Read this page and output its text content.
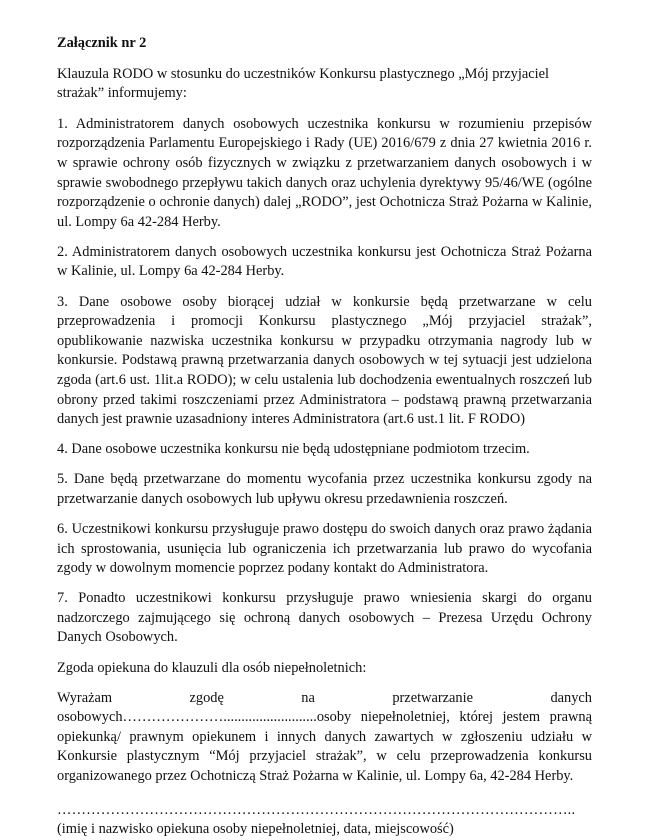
Załącznik nr 2

Klauzula RODO w stosunku do uczestników Konkursu plastycznego „Mój przyjaciel strażak” informujemy:

1. Administratorem danych osobowych uczestnika konkursu w rozumieniu przepisów rozporządzenia Parlamentu Europejskiego i Rady (UE) 2016/679 z dnia 27 kwietnia 2016 r. w sprawie ochrony osób fizycznych w związku z przetwarzaniem danych osobowych i w sprawie swobodnego przepływu takich danych oraz uchylenia dyrektywy 95/46/WE (ogólne rozporządzenie o ochronie danych) dalej „RODO”, jest Ochotnicza Straż Pożarna w Kalinie, ul. Lompy 6a 42-284 Herby.

2. Administratorem danych osobowych uczestnika konkursu jest Ochotnicza Straż Pożarna w Kalinie, ul. Lompy 6a 42-284 Herby.

3. Dane osobowe osoby biorącej udział w konkursie będą przetwarzane w celu przeprowadzenia i promocji Konkursu plastycznego „Mój przyjaciel strażak”, opublikowanie nazwiska uczestnika konkursu w przypadku otrzymania nagrody lub w konkursie. Podstawą prawną przetwarzania danych osobowych w tej sytuacji jest udzielona zgoda (art.6 ust. 1lit.a RODO); w celu ustalenia lub dochodzenia ewentualnych roszczeń lub obrony przed takimi roszczeniami przez Administratora – podstawą prawną przetwarzania danych jest prawnie uzasadniony interes Administratora (art.6 ust.1 lit. F RODO)

4. Dane osobowe uczestnika konkursu nie będą udostępniane podmiotom trzecim.

5. Dane będą przetwarzane do momentu wycofania przez uczestnika konkursu zgody na przetwarzanie danych osobowych lub upływu okresu przedawnienia roszczeń.

6. Uczestnikowi konkursu przysługuje prawo dostępu do swoich danych oraz prawo żądania ich sprostowania, usunięcia lub ograniczenia ich przetwarzania lub prawo do wycofania zgody w dowolnym momencie poprzez podany kontakt do Administratora.

7. Ponadto uczestnikowi konkursu przysługuje prawo wniesienia skargi do organu nadzorczego zajmującego się ochroną danych osobowych – Prezesa Urzędu Ochrony Danych Osobowych.

Zgoda opiekuna do klauzuli dla osób niepełnoletnich:

Wyrażam zgodę na przetwarzanie danych osobowych…………………..........................osoby niepełnoletniej, której jestem prawną opiekunką/ prawnym opiekunem i innych danych zawartych w zgłoszeniu udziału w Konkursie plastycznym “Mój przyjaciel strażak”, w celu przeprowadzenia konkursu organizowanego przez Ochotniczą Straż Pożarna w Kalinie, ul. Lompy 6a, 42-284 Herby.

……………………………………………………………………………………………..

(imię i nazwisko opiekuna osoby niepełnoletniej, data, miejscowość)
